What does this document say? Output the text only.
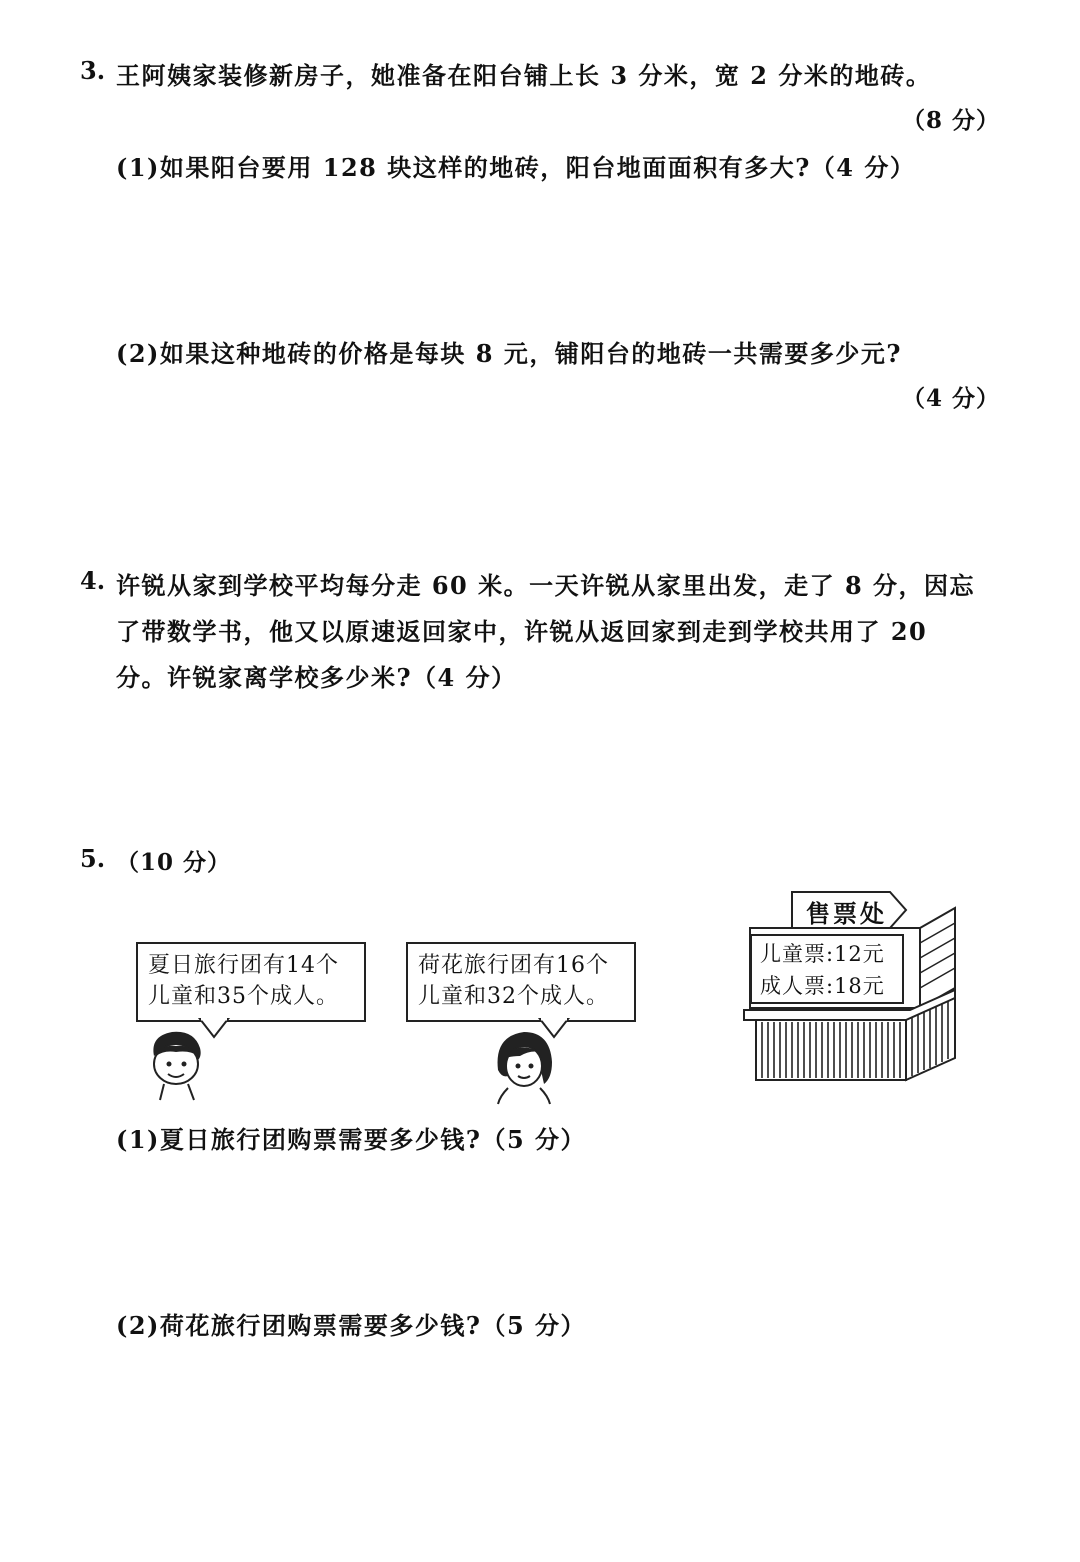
3. 王阿姨家装修新房子，她准备在阳台铺上长 3 分米，宽 2 分米的地砖。
（8 分）
(1)如果阳台要用 128 块这样的地砖，阳台地面面积有多大?（4 分）
(2)如果这种地砖的价格是每块 8 元，铺阳台的地砖一共需要多少元?
（4 分）
4. 许锐从家到学校平均每分走 60 米。一天许锐从家里出发，走了 8 分，因忘
了带数学书，他又以原速返回家中，许锐从返回家到走到学校共用了 20
分。许锐家离学校多少米?（4 分）
5. （10 分）
夏日旅行团有14个
儿童和35个成人。
荷花旅行团有16个
儿童和32个成人。
售票处
儿童票:12元
成人票:18元
(1)夏日旅行团购票需要多少钱?（5 分）
(2)荷花旅行团购票需要多少钱?（5 分）
